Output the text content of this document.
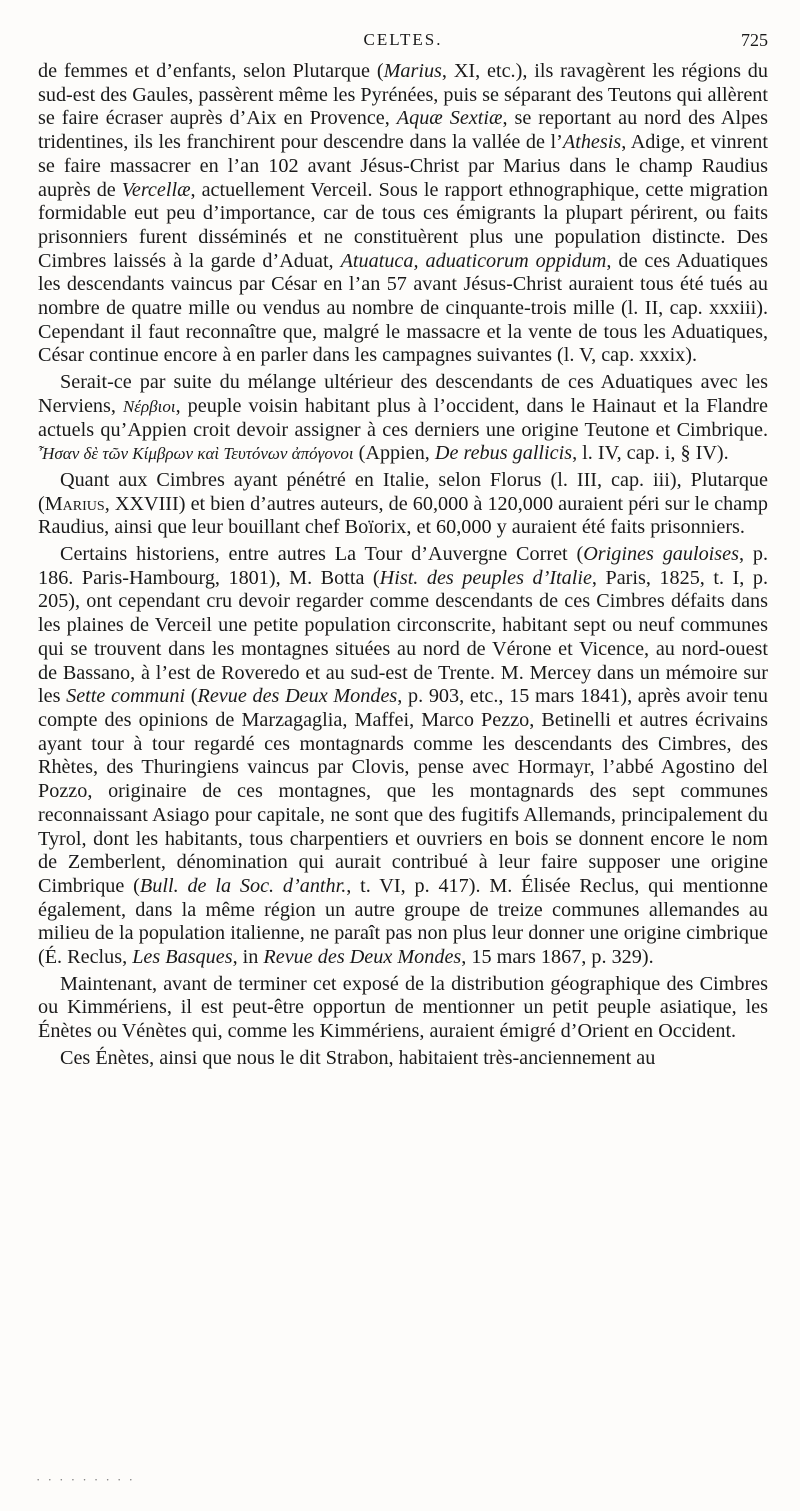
CELTES.	725

de femmes et d’enfants, selon Plutarque (Marius, XI, etc.), ils ravagèrent les régions du sud-est des Gaules, passèrent même les Pyrénées, puis se séparant des Teutons qui allèrent se faire écraser auprès d’Aix en Provence, Aquæ Sextiæ, se reportant au nord des Alpes tridentines, ils les franchirent pour descendre dans la vallée de l’Athesis, Adige, et vinrent se faire massacrer en l’an 102 avant Jésus-Christ par Marius dans le champ Raudius auprès de Vercellæ, actuellement Verceil. Sous le rapport ethnographique, cette migration formidable eut peu d’importance, car de tous ces émigrants la plupart périrent, ou faits prisonniers furent disséminés et ne constituèrent plus une population distincte. Des Cimbres laissés à la garde d’Aduat, Atuatuca, aduaticorum oppidum, de ces Aduatiques les descendants vaincus par César en l’an 57 avant Jésus-Christ auraient tous été tués au nombre de quatre mille ou vendus au nombre de cinquante-trois mille (l. II, cap. xxxiii). Cependant il faut reconnaître que, malgré le massacre et la vente de tous les Aduatiques, César continue encore à en parler dans les campagnes suivantes (l. V, cap. xxxix).

Serait-ce par suite du mélange ultérieur des descendants de ces Aduatiques avec les Nerviens, Νέρβιοι, peuple voisin habitant plus à l’occident, dans le Hainaut et la Flandre actuels qu’Appien croit devoir assigner à ces derniers une origine Teutone et Cimbrique. Ἦσαν δὲ τῶν Κίμβρων καὶ Τευτόνων ἀπόγονοι (Appien, De rebus gallicis, l. IV, cap. i, § IV).

Quant aux Cimbres ayant pénétré en Italie, selon Florus (l. III, cap. iii), Plutarque (Marius, XXVIII) et bien d’autres auteurs, de 60,000 à 120,000 auraient péri sur le champ Raudius, ainsi que leur bouillant chef Boïorix, et 60,000 y auraient été faits prisonniers.

Certains historiens, entre autres La Tour d’Auvergne Corret (Origines gauloises, p. 186. Paris-Hambourg, 1801), M. Botta (Hist. des peuples d’Italie, Paris, 1825, t. I, p. 205), ont cependant cru devoir regarder comme descendants de ces Cimbres défaits dans les plaines de Verceil une petite population circonscrite, habitant sept ou neuf communes qui se trouvent dans les montagnes situées au nord de Vérone et Vicence, au nord-ouest de Bassano, à l’est de Roveredo et au sud-est de Trente. M. Mercey dans un mémoire sur les Sette communi (Revue des Deux Mondes, p. 903, etc., 15 mars 1841), après avoir tenu compte des opinions de Marzagaglia, Maffei, Marco Pezzo, Betinelli et autres écrivains ayant tour à tour regardé ces montagnards comme les descendants des Cimbres, des Rhètes, des Thuringiens vaincus par Clovis, pense avec Hormayr, l’abbé Agostino del Pozzo, originaire de ces montagnes, que les montagnards des sept communes reconnaissant Asiago pour capitale, ne sont que des fugitifs Allemands, principalement du Tyrol, dont les habitants, tous charpentiers et ouvriers en bois se donnent encore le nom de Zemberlent, dénomination qui aurait contribué à leur faire supposer une origine Cimbrique (Bull. de la Soc. d’anthr., t. VI, p. 417). M. Élisée Reclus, qui mentionne également, dans la même région un autre groupe de treize communes allemandes au milieu de la population italienne, ne paraît pas non plus leur donner une origine cimbrique (É. Reclus, Les Basques, in Revue des Deux Mondes, 15 mars 1867, p. 329).

Maintenant, avant de terminer cet exposé de la distribution géographique des Cimbres ou Kimmériens, il est peut-être opportun de mentionner un petit peuple asiatique, les Énètes ou Vénètes qui, comme les Kimmériens, auraient émigré d’Orient en Occident.

Ces Énètes, ainsi que nous le dit Strabon, habitaient très-anciennement au

· · · · · · · · ·
